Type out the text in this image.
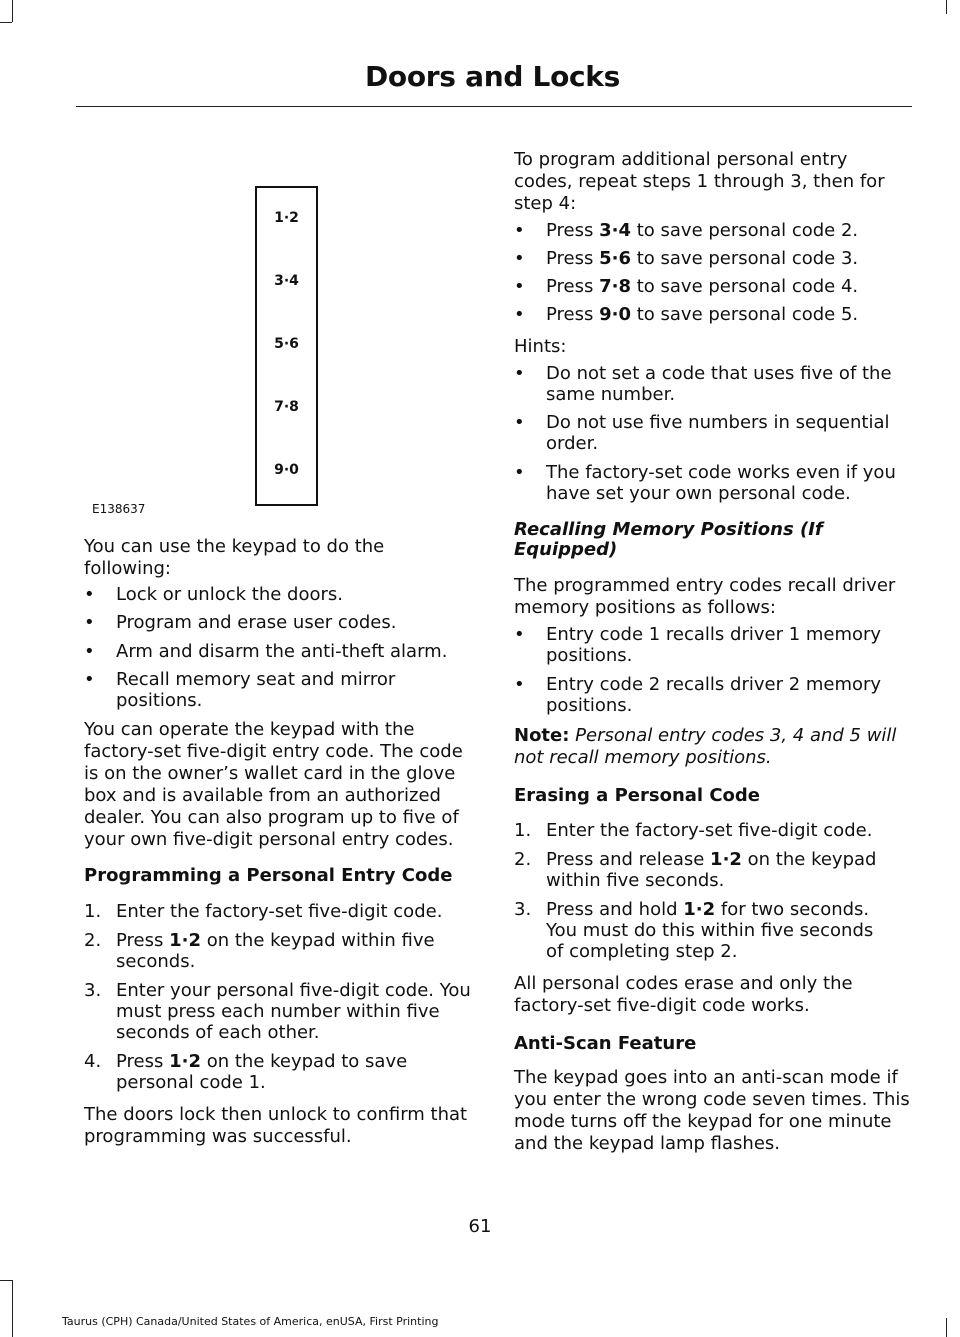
Doors and Locks
1·2
3·4
5·6
7·8
9·0
E138637

You can use the keypad to do the following:

• Lock or unlock the doors.
• Program and erase user codes.
• Arm and disarm the anti-theft alarm.
• Recall memory seat and mirror positions.

You can operate the keypad with the factory-set five-digit entry code. The code is on the owner’s wallet card in the glove box and is available from an authorized dealer. You can also program up to five of your own five-digit personal entry codes.

Programming a Personal Entry Code

1. Enter the factory-set five-digit code.
2. Press 1·2 on the keypad within five seconds.
3. Enter your personal five-digit code. You must press each number within five seconds of each other.
4. Press 1·2 on the keypad to save personal code 1.

The doors lock then unlock to confirm that programming was successful.

To program additional personal entry codes, repeat steps 1 through 3, then for step 4:

• Press 3·4 to save personal code 2.
• Press 5·6 to save personal code 3.
• Press 7·8 to save personal code 4.
• Press 9·0 to save personal code 5.

Hints:

• Do not set a code that uses five of the same number.
• Do not use five numbers in sequential order.
• The factory-set code works even if you have set your own personal code.

Recalling Memory Positions (If Equipped)

The programmed entry codes recall driver memory positions as follows:

• Entry code 1 recalls driver 1 memory positions.
• Entry code 2 recalls driver 2 memory positions.

Note: Personal entry codes 3, 4 and 5 will not recall memory positions.

Erasing a Personal Code

1. Enter the factory-set five-digit code.
2. Press and release 1·2 on the keypad within five seconds.
3. Press and hold 1·2 for two seconds. You must do this within five seconds of completing step 2.

All personal codes erase and only the factory-set five-digit code works.

Anti-Scan Feature

The keypad goes into an anti-scan mode if you enter the wrong code seven times. This mode turns off the keypad for one minute and the keypad lamp flashes.

61
Taurus (CPH) Canada/United States of America, enUSA, First Printing
